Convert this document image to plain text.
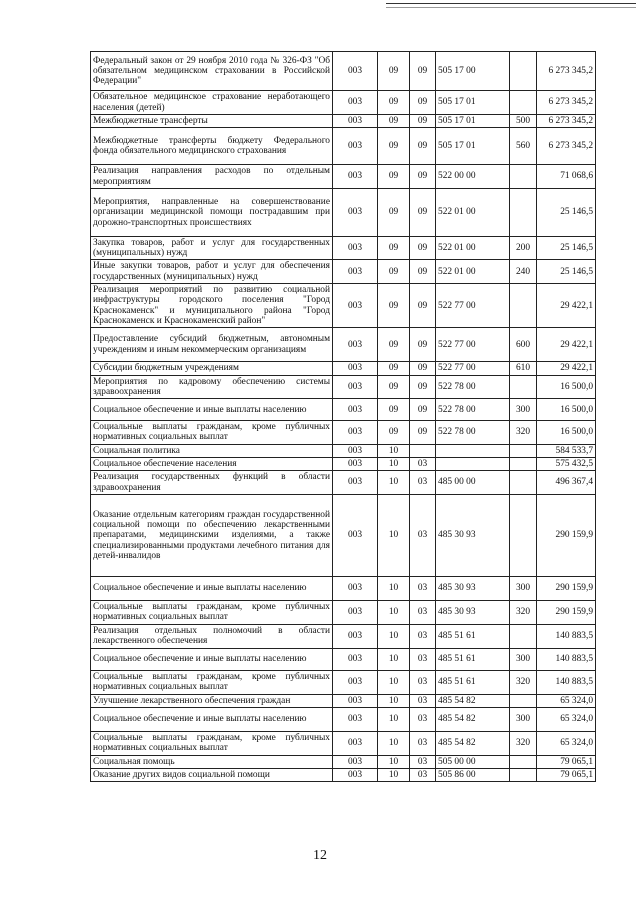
Федеральный закон от 29 ноября 2010 года № 326-ФЗ "Об обязательном медицинском страховании в Российской Федерации"	003	09	09	505 17 00		6 273 345,2
Обязательное медицинское страхование неработающего населения (детей)	003	09	09	505 17 01		6 273 345,2
Межбюджетные трансферты	003	09	09	505 17 01	500	6 273 345,2
Межбюджетные трансферты бюджету Федерального фонда обязательного медицинского страхования	003	09	09	505 17 01	560	6 273 345,2
Реализация направления расходов по отдельным мероприятиям	003	09	09	522 00 00		71 068,6
Мероприятия, направленные на совершенствование организации медицинской помощи пострадавшим при дорожно-транспортных происшествиях	003	09	09	522 01 00		25 146,5
Закупка товаров, работ и услуг для государственных (муниципальных) нужд	003	09	09	522 01 00	200	25 146,5
Иные закупки товаров, работ и услуг для обеспечения государственных (муниципальных) нужд	003	09	09	522 01 00	240	25 146,5
Реализация мероприятий по развитию социальной инфраструктуры городского поселения "Город Краснокаменск" и муниципального района "Город Краснокаменск и Краснокаменский район"	003	09	09	522 77 00		29 422,1
Предоставление субсидий бюджетным, автономным учреждениям и иным некоммерческим организациям	003	09	09	522 77 00	600	29 422,1
Субсидии бюджетным учреждениям	003	09	09	522 77 00	610	29 422,1
Мероприятия по кадровому обеспечению системы здравоохранения	003	09	09	522 78 00		16 500,0
Социальное обеспечение и иные выплаты населению	003	09	09	522 78 00	300	16 500,0
Социальные выплаты гражданам, кроме публичных нормативных социальных выплат	003	09	09	522 78 00	320	16 500,0
Социальная политика	003	10				584 533,7
Социальное обеспечение населения	003	10	03			575 432,5
Реализация государственных функций в области здравоохранения	003	10	03	485 00 00		496 367,4
Оказание отдельным категориям граждан государственной социальной помощи по обеспечению лекарственными препаратами, медицинскими изделиями, а также специализированными продуктами лечебного питания для детей-инвалидов	003	10	03	485 30 93		290 159,9
Социальное обеспечение и иные выплаты населению	003	10	03	485 30 93	300	290 159,9
Социальные выплаты гражданам, кроме публичных нормативных социальных выплат	003	10	03	485 30 93	320	290 159,9
Реализация отдельных полномочий в области лекарственного обеспечения	003	10	03	485 51 61		140 883,5
Социальное обеспечение и иные выплаты населению	003	10	03	485 51 61	300	140 883,5
Социальные выплаты гражданам, кроме публичных нормативных социальных выплат	003	10	03	485 51 61	320	140 883,5
Улучшение лекарственного обеспечения граждан	003	10	03	485 54 82		65 324,0
Социальное обеспечение и иные выплаты населению	003	10	03	485 54 82	300	65 324,0
Социальные выплаты гражданам, кроме публичных нормативных социальных выплат	003	10	03	485 54 82	320	65 324,0
Социальная помощь	003	10	03	505 00 00		79 065,1
Оказание других видов социальной помощи	003	10	03	505 86 00		79 065,1
12
